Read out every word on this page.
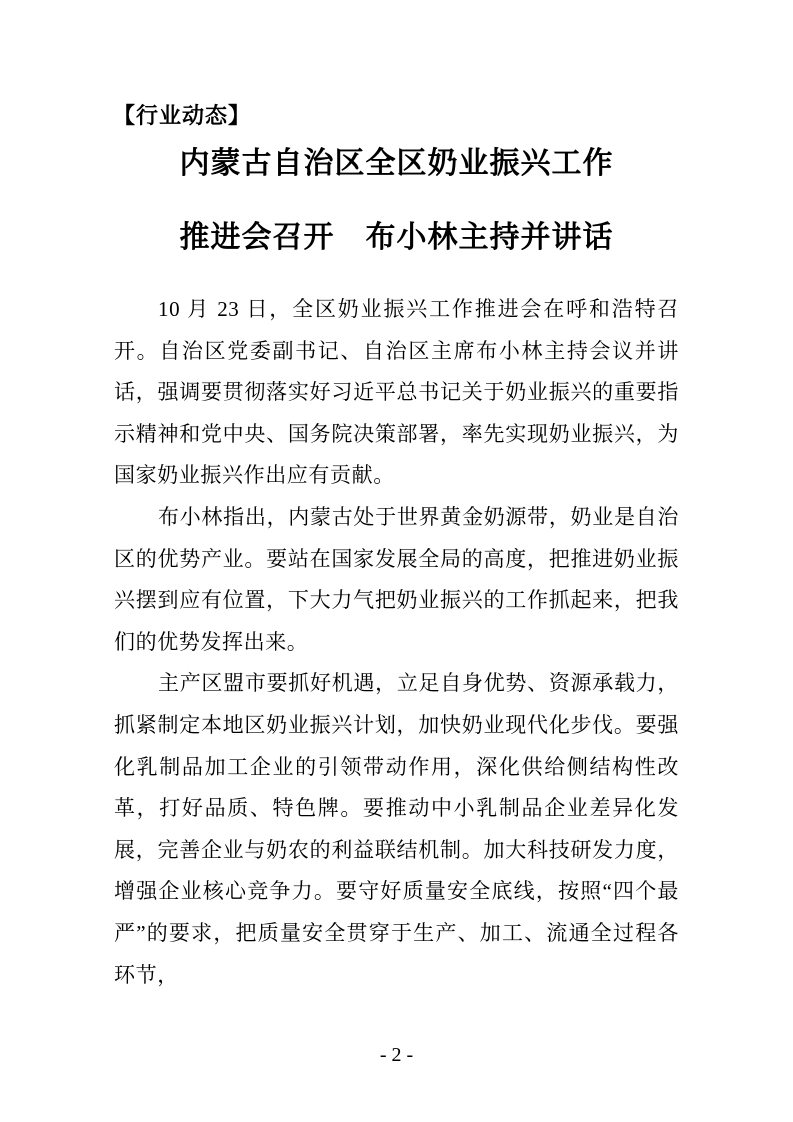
【行业动态】
内蒙古自治区全区奶业振兴工作
推进会召开　布小林主持并讲话

10 月 23 日，全区奶业振兴工作推进会在呼和浩特召开。自治区党委副书记、自治区主席布小林主持会议并讲话，强调要贯彻落实好习近平总书记关于奶业振兴的重要指示精神和党中央、国务院决策部署，率先实现奶业振兴，为国家奶业振兴作出应有贡献。

布小林指出，内蒙古处于世界黄金奶源带，奶业是自治区的优势产业。要站在国家发展全局的高度，把推进奶业振兴摆到应有位置，下大力气把奶业振兴的工作抓起来，把我们的优势发挥出来。

主产区盟市要抓好机遇，立足自身优势、资源承载力，抓紧制定本地区奶业振兴计划，加快奶业现代化步伐。要强化乳制品加工企业的引领带动作用，深化供给侧结构性改革，打好品质、特色牌。要推动中小乳制品企业差异化发展，完善企业与奶农的利益联结机制。加大科技研发力度，增强企业核心竞争力。要守好质量安全底线，按照“四个最严”的要求，把质量安全贯穿于生产、加工、流通全过程各环节，

- 2 -
